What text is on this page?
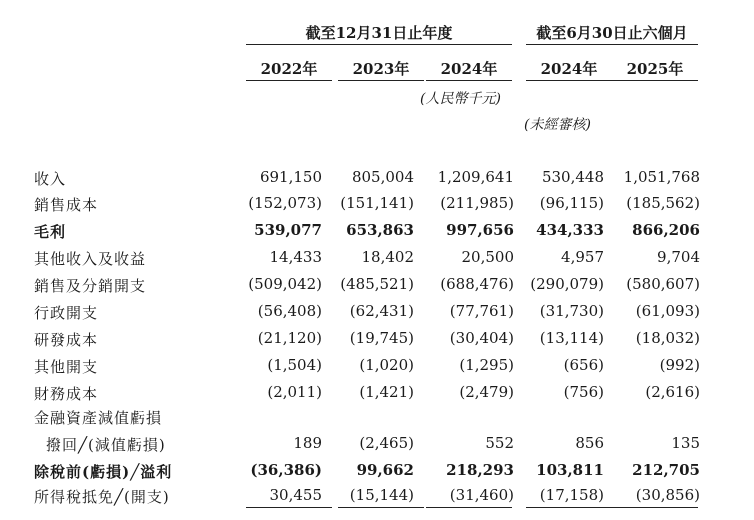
截至12月31日止年度	截至6月30日止六個月
2022年	2023年	2024年	2024年	2025年
(人民幣千元)
(未經審核)
收入	691,150	805,004	1,209,641	530,448	1,051,768
銷售成本	(152,073)	(151,141)	(211,985)	(96,115)	(185,562)
毛利	539,077	653,863	997,656	434,333	866,206
其他收入及收益	14,433	18,402	20,500	4,957	9,704
銷售及分銷開支	(509,042)	(485,521)	(688,476)	(290,079)	(580,607)
行政開支	(56,408)	(62,431)	(77,761)	(31,730)	(61,093)
研發成本	(21,120)	(19,745)	(30,404)	(13,114)	(18,032)
其他開支	(1,504)	(1,020)	(1,295)	(656)	(992)
財務成本	(2,011)	(1,421)	(2,479)	(756)	(2,616)
金融資產減值虧損
撥回╱(減值虧損)	189	(2,465)	552	856	135
除稅前(虧損)╱溢利	(36,386)	99,662	218,293	103,811	212,705
所得稅抵免╱(開支)	30,455	(15,144)	(31,460)	(17,158)	(30,856)
